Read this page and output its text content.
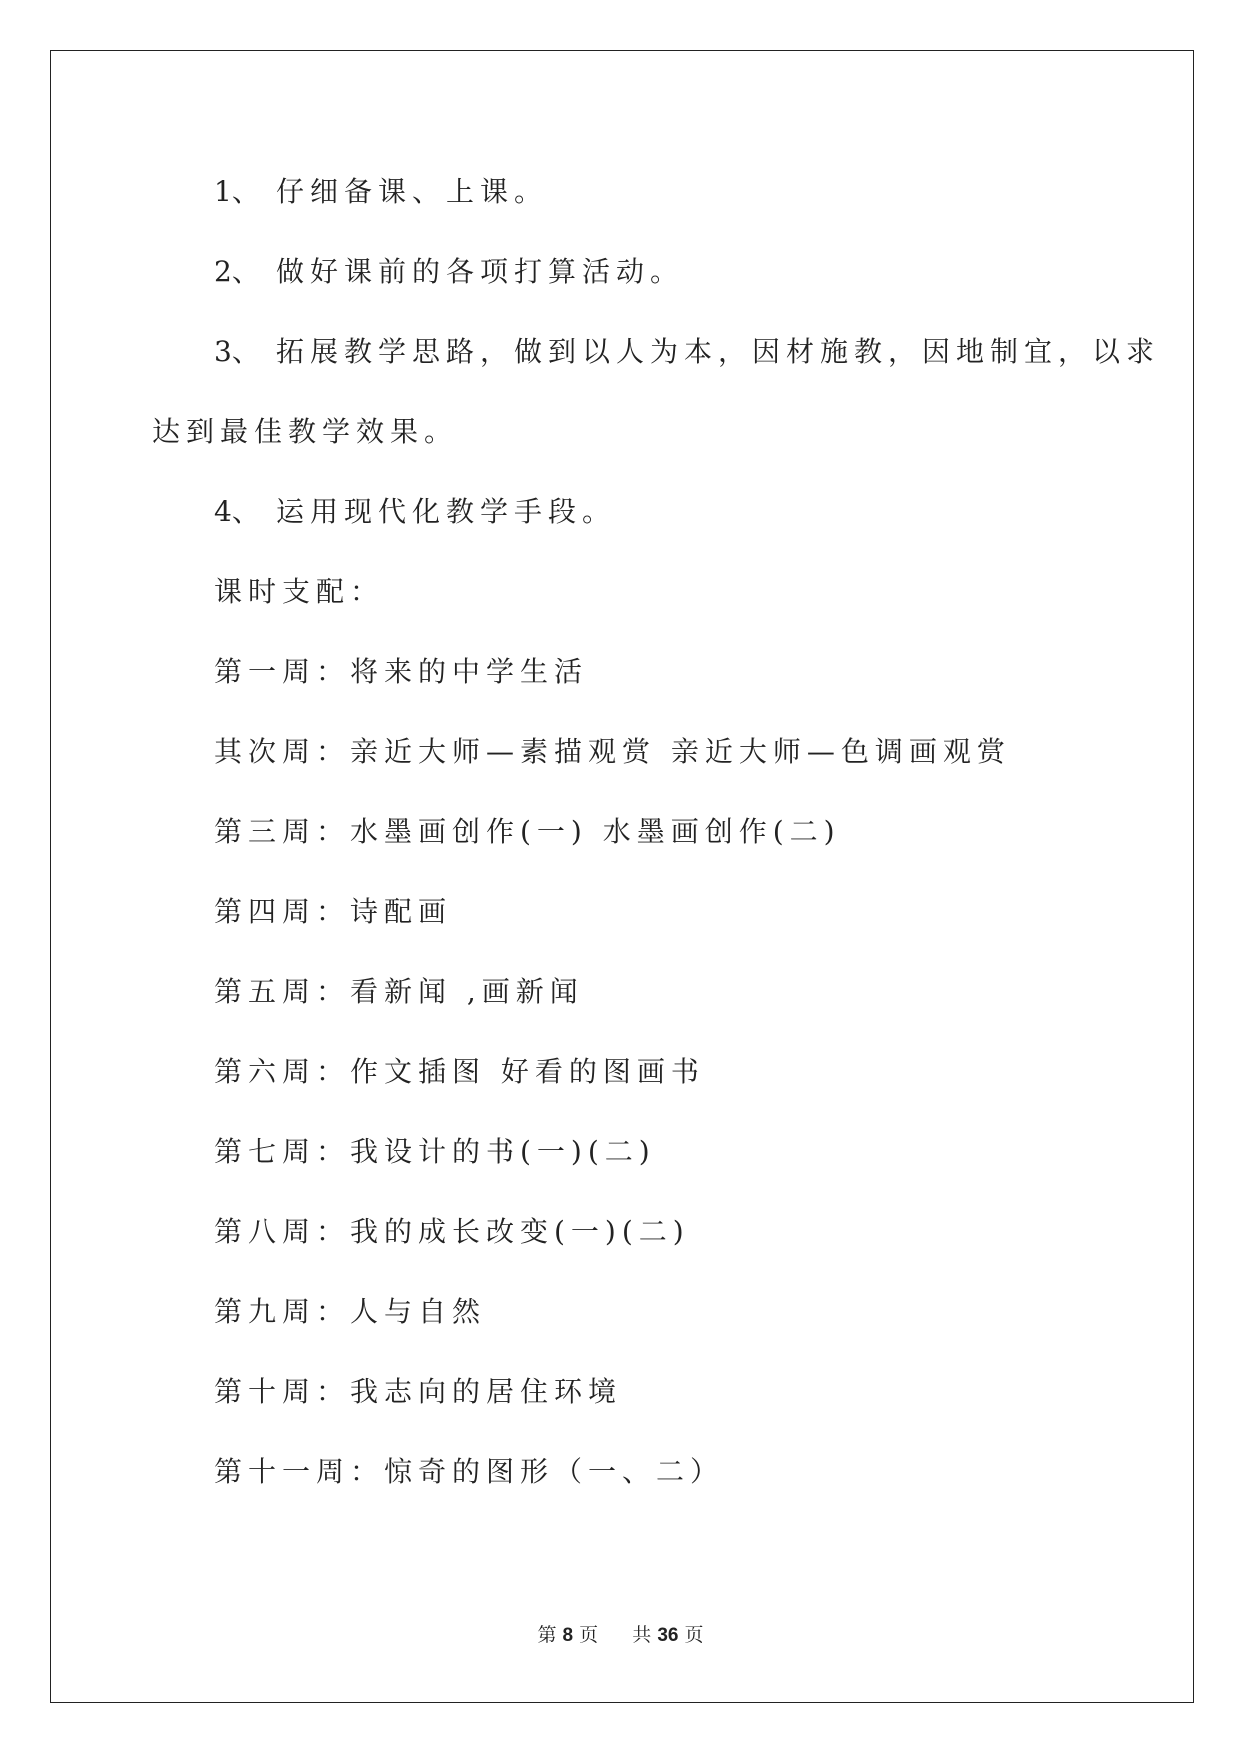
1、 仔细备课、上课。
2、 做好课前的各项打算活动。
3、 拓展教学思路，做到以人为本，因材施教，因地制宜，以求
达到最佳教学效果。
4、 运用现代化教学手段。
课时支配：
第一周：将来的中学生活
其次周：亲近大师—素描观赏 亲近大师—色调画观赏
第三周：水墨画创作(一) 水墨画创作(二)
第四周：诗配画
第五周：看新闻 ,画新闻
第六周：作文插图 好看的图画书
第七周：我设计的书(一)(二)
第八周：我的成长改变(一)(二)
第九周：人与自然
第十周：我志向的居住环境
第十一周：惊奇的图形（一、二）
第 8 页 共 36 页
